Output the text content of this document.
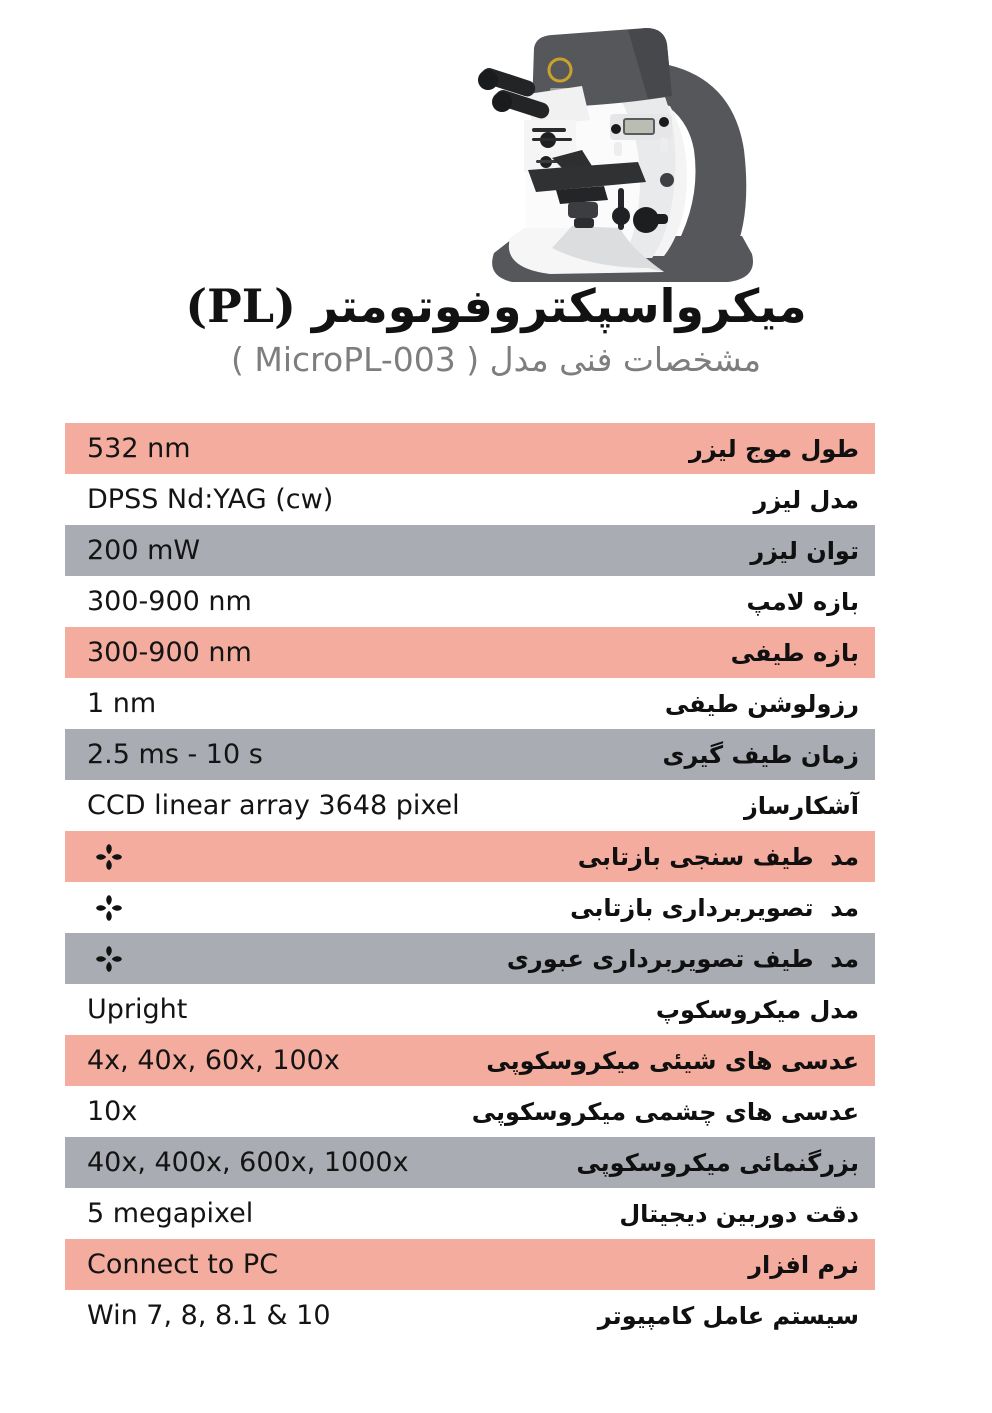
میکرواسپکتروفوتومتر (PL)
مشخصات فنی مدل ( MicroPL-003 )
532 nm	طول موج لیزر
DPSS Nd:YAG (cw)	مدل لیزر
200 mW	توان لیزر
300-900 nm	بازه لامپ
300-900 nm	بازه طیفی
1 nm	رزولوشن طیفی
2.5 ms - 10 s	زمان طیف گیری
CCD linear array 3648 pixel	آشکارساز
مد  طیف سنجی بازتابی
مد  تصویربرداری بازتابی
مد  طیف تصویربرداری عبوری
Upright	مدل میکروسکوپ
4x, 40x, 60x, 100x	عدسی های شیئی میکروسکوپی
10x	عدسی های چشمی میکروسکوپی
40x, 400x, 600x, 1000x	بزرگنمائی میکروسکوپی
5 megapixel	دقت دوربین دیجیتال
Connect to PC	نرم افزار
Win 7, 8, 8.1 & 10	سیستم عامل کامپیوتر
